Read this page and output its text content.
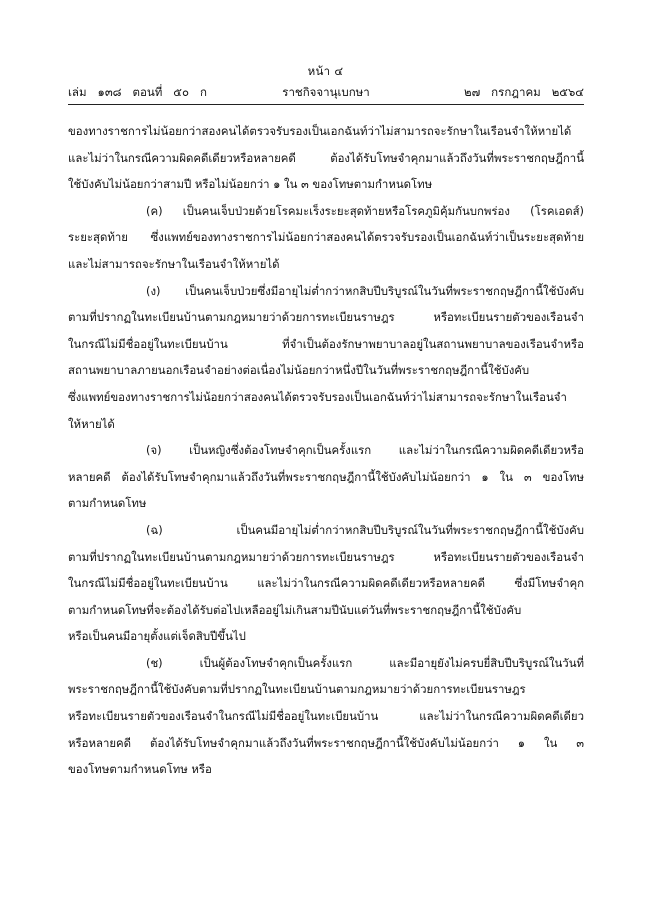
หน้า ๔
เล่ม   ๑๓๘   ตอนที่   ๕๐   ก	ราชกิจจานุเบกษา	๒๗   กรกฎาคม   ๒๕๖๔
ของทางราชการไม่น้อยกว่าสองคนได้ตรวจรับรองเป็นเอกฉันท์ว่าไม่สามารถจะรักษาในเรือนจำให้หายได้
และไม่ว่าในกรณีความผิดคดีเดียวหรือหลายคดี ต้องได้รับโทษจำคุกมาแล้วถึงวันที่พระราชกฤษฎีกานี้
ใช้บังคับไม่น้อยกว่าสามปี หรือไม่น้อยกว่า ๑ ใน ๓ ของโทษตามกำหนดโทษ
(ค) เป็นคนเจ็บป่วยด้วยโรคมะเร็งระยะสุดท้ายหรือโรคภูมิคุ้มกันบกพร่อง (โรคเอดส์)
ระยะสุดท้าย ซึ่งแพทย์ของทางราชการไม่น้อยกว่าสองคนได้ตรวจรับรองเป็นเอกฉันท์ว่าเป็นระยะสุดท้าย
และไม่สามารถจะรักษาในเรือนจำให้หายได้
(ง) เป็นคนเจ็บป่วยซึ่งมีอายุไม่ต่ำกว่าหกสิบปีบริบูรณ์ในวันที่พระราชกฤษฎีกานี้ใช้บังคับ
ตามที่ปรากฏในทะเบียนบ้านตามกฎหมายว่าด้วยการทะเบียนราษฎร หรือทะเบียนรายตัวของเรือนจำ
ในกรณีไม่มีชื่ออยู่ในทะเบียนบ้าน ที่จำเป็นต้องรักษาพยาบาลอยู่ในสถานพยาบาลของเรือนจำหรือ
สถานพยาบาลภายนอกเรือนจำอย่างต่อเนื่องไม่น้อยกว่าหนึ่งปีในวันที่พระราชกฤษฎีกานี้ใช้บังคับ
ซึ่งแพทย์ของทางราชการไม่น้อยกว่าสองคนได้ตรวจรับรองเป็นเอกฉันท์ว่าไม่สามารถจะรักษาในเรือนจำ
ให้หายได้
(จ) เป็นหญิงซึ่งต้องโทษจำคุกเป็นครั้งแรก และไม่ว่าในกรณีความผิดคดีเดียวหรือ
หลายคดี ต้องได้รับโทษจำคุกมาแล้วถึงวันที่พระราชกฤษฎีกานี้ใช้บังคับไม่น้อยกว่า ๑ ใน ๓ ของโทษ
ตามกำหนดโทษ
(ฉ) เป็นคนมีอายุไม่ต่ำกว่าหกสิบปีบริบูรณ์ในวันที่พระราชกฤษฎีกานี้ใช้บังคับ
ตามที่ปรากฏในทะเบียนบ้านตามกฎหมายว่าด้วยการทะเบียนราษฎร หรือทะเบียนรายตัวของเรือนจำ
ในกรณีไม่มีชื่ออยู่ในทะเบียนบ้าน และไม่ว่าในกรณีความผิดคดีเดียวหรือหลายคดี ซึ่งมีโทษจำคุก
ตามกำหนดโทษที่จะต้องได้รับต่อไปเหลืออยู่ไม่เกินสามปีนับแต่วันที่พระราชกฤษฎีกานี้ใช้บังคับ
หรือเป็นคนมีอายุตั้งแต่เจ็ดสิบปีขึ้นไป
(ช) เป็นผู้ต้องโทษจำคุกเป็นครั้งแรก และมีอายุยังไม่ครบยี่สิบปีบริบูรณ์ในวันที่
พระราชกฤษฎีกานี้ใช้บังคับตามที่ปรากฏในทะเบียนบ้านตามกฎหมายว่าด้วยการทะเบียนราษฎร
หรือทะเบียนรายตัวของเรือนจำในกรณีไม่มีชื่ออยู่ในทะเบียนบ้าน และไม่ว่าในกรณีความผิดคดีเดียว
หรือหลายคดี ต้องได้รับโทษจำคุกมาแล้วถึงวันที่พระราชกฤษฎีกานี้ใช้บังคับไม่น้อยกว่า ๑ ใน ๓
ของโทษตามกำหนดโทษ หรือ
